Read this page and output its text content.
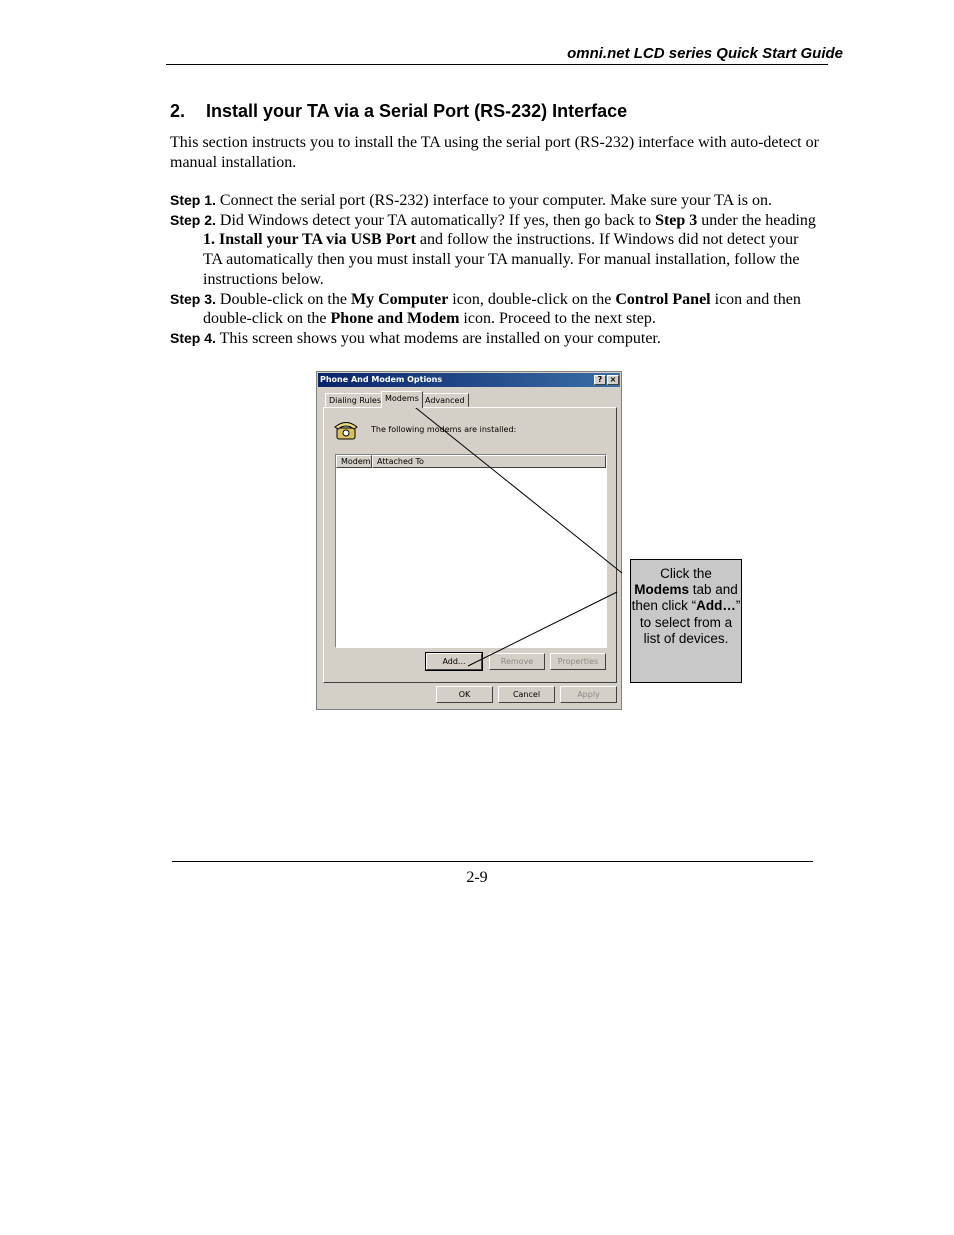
omni.net LCD series Quick Start Guide
2. Install your TA via a Serial Port (RS-232) Interface
This section instructs you to install the TA using the serial port (RS-232) interface with auto-detect or manual installation.

Step 1. Connect the serial port (RS-232) interface to your computer. Make sure your TA is on.

Step 2. Did Windows detect your TA automatically? If yes, then go back to Step 3 under the heading 1. Install your TA via USB Port and follow the instructions. If Windows did not detect your TA automatically then you must install your TA manually. For manual installation, follow the instructions below.

Step 3. Double-click on the My Computer icon, double-click on the Control Panel icon and then double-click on the Phone and Modem icon. Proceed to the next step.

Step 4. This screen shows you what modems are installed on your computer.

Phone And Modem Options	? ×
Dialing Rules Modems Advanced
The following modems are installed:
Modem Attached To
Add...	Remove	Properties
OK	Cancel	Apply
Click the Modems tab and then click “Add…” to select from a list of devices.
2-9
